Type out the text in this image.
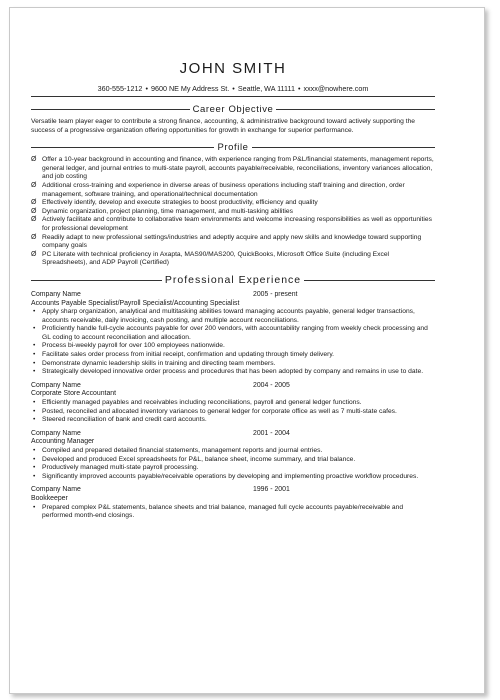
JOHN SMITH
360-555-1212 • 9600 NE My Address St. • Seattle, WA 11111 • xxxx@nowhere.com
Career Objective
Versatile team player eager to contribute a strong finance, accounting, & administrative background toward actively supporting the success of a progressive organization offering opportunities for growth in exchange for superior performance.
Profile
Ø Offer a 10-year background in accounting and finance, with experience ranging from P&L/financial statements, management reports, general ledger, and journal entries to multi-state payroll, accounts payable/receivable, reconciliations, inventory variances allocation, and job costing
Ø Additional cross-training and experience in diverse areas of business operations including staff training and direction, order management, software training, and operational/technical documentation
Ø Effectively identify, develop and execute strategies to boost productivity, efficiency and quality
Ø Dynamic organization, project planning, time management, and multi-tasking abilities
Ø Actively facilitate and contribute to collaborative team environments and welcome increasing responsibilities as well as opportunities for professional development
Ø Readily adapt to new professional settings/industries and adeptly acquire and apply new skills and knowledge toward supporting company goals
Ø PC Literate with technical proficiency in Axapta, MAS90/MAS200, QuickBooks, Microsoft Office Suite (including Excel Spreadsheets), and ADP Payroll (Certified)
Professional Experience
Company Name	2005 - present
Accounts Payable Specialist/Payroll Specialist/Accounting Specialist
• Apply sharp organization, analytical and multitasking abilities toward managing accounts payable, general ledger transactions, accounts receivable, daily invoicing, cash posting, and multiple account reconciliations.
• Proficiently handle full-cycle accounts payable for over 200 vendors, with accountability ranging from weekly check processing and GL coding to account reconciliation and allocation.
• Process bi-weekly payroll for over 100 employees nationwide.
• Facilitate sales order process from initial receipt, confirmation and updating through timely delivery.
• Demonstrate dynamic leadership skills in training and directing team members.
• Strategically developed innovative order process and procedures that has been adopted by company and remains in use to date.
Company Name	2004 - 2005
Corporate Store Accountant
• Efficiently managed payables and receivables including reconciliations, payroll and general ledger functions.
• Posted, reconciled and allocated inventory variances to general ledger for corporate office as well as 7 multi-state cafes.
• Steered reconciliation of bank and credit card accounts.
Company Name	2001 - 2004
Accounting Manager
• Compiled and prepared detailed financial statements, management reports and journal entries.
• Developed and produced Excel spreadsheets for P&L, balance sheet, income summary, and trial balance.
• Productively managed multi-state payroll processing.
• Significantly improved accounts payable/receivable operations by developing and implementing proactive workflow procedures.
Company Name	1996 - 2001
Bookkeeper
• Prepared complex P&L statements, balance sheets and trial balance, managed full cycle accounts payable/receivable and performed month-end closings.
